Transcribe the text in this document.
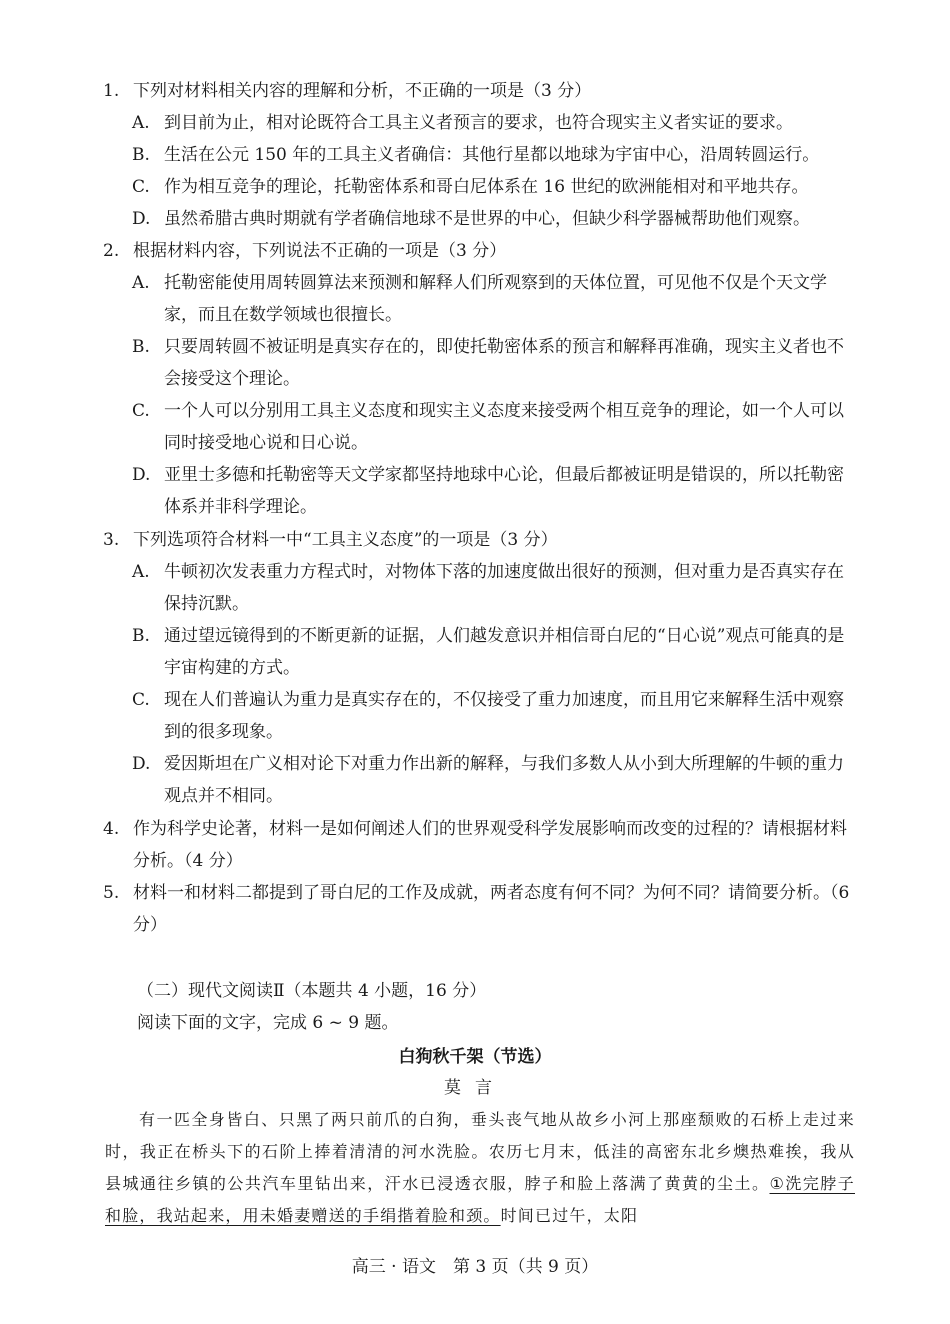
1. 下列对材料相关内容的理解和分析，不正确的一项是（3 分）
A. 到目前为止，相对论既符合工具主义者预言的要求，也符合现实主义者实证的要求。
B. 生活在公元 150 年的工具主义者确信：其他行星都以地球为宇宙中心，沿周转圆运行。
C. 作为相互竞争的理论，托勒密体系和哥白尼体系在 16 世纪的欧洲能相对和平地共存。
D. 虽然希腊古典时期就有学者确信地球不是世界的中心，但缺少科学器械帮助他们观察。
2. 根据材料内容，下列说法不正确的一项是（3 分）
A. 托勒密能使用周转圆算法来预测和解释人们所观察到的天体位置，可见他不仅是个天文学家，而且在数学领域也很擅长。
B. 只要周转圆不被证明是真实存在的，即使托勒密体系的预言和解释再准确，现实主义者也不会接受这个理论。
C. 一个人可以分别用工具主义态度和现实主义态度来接受两个相互竞争的理论，如一个人可以同时接受地心说和日心说。
D. 亚里士多德和托勒密等天文学家都坚持地球中心论，但最后都被证明是错误的，所以托勒密体系并非科学理论。
3. 下列选项符合材料一中“工具主义态度”的一项是（3 分）
A. 牛顿初次发表重力方程式时，对物体下落的加速度做出很好的预测，但对重力是否真实存在保持沉默。
B. 通过望远镜得到的不断更新的证据，人们越发意识并相信哥白尼的“日心说”观点可能真的是宇宙构建的方式。
C. 现在人们普遍认为重力是真实存在的，不仅接受了重力加速度，而且用它来解释生活中观察到的很多现象。
D. 爱因斯坦在广义相对论下对重力作出新的解释，与我们多数人从小到大所理解的牛顿的重力观点并不相同。
4. 作为科学史论著，材料一是如何阐述人们的世界观受科学发展影响而改变的过程的？请根据材料分析。（4 分）
5. 材料一和材料二都提到了哥白尼的工作及成就，两者态度有何不同？为何不同？请简要分析。（6 分）
（二）现代文阅读Ⅱ（本题共 4 小题，16 分）
阅读下面的文字，完成 6 ~ 9 题。
白狗秋千架（节选）
莫言
有一匹全身皆白、只黑了两只前爪的白狗，垂头丧气地从故乡小河上那座颓败的石桥上走过来时，我正在桥头下的石阶上捧着清清的河水洗脸。农历七月末，低洼的高密东北乡燠热难挨，我从县城通往乡镇的公共汽车里钻出来，汗水已浸透衣服，脖子和脸上落满了黄黄的尘土。①洗完脖子和脸，我站起来，用未婚妻赠送的手绢揩着脸和颈。时间已过午，太阳
高三 · 语文　第 3 页（共 9 页）
